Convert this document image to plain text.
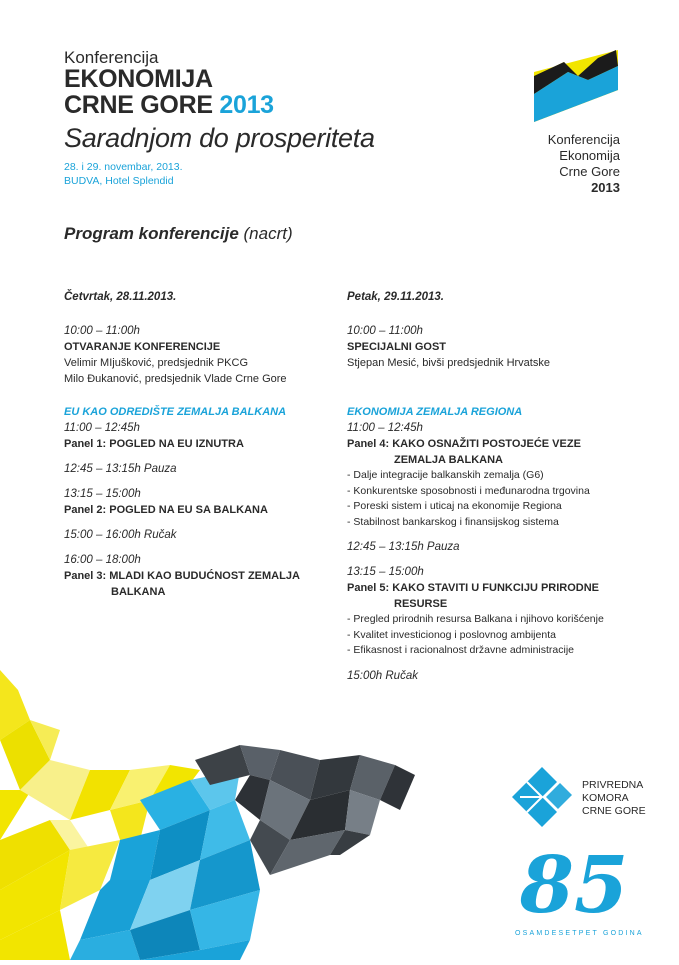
Konferencija
EKONOMIJA
CRNE GORE 2013
Saradnjom do prosperiteta
28. i 29. novembar, 2013.
BUDVA, Hotel Splendid
Konferencija
Ekonomija
Crne Gore
2013
Program konferencije (nacrt)
Četvrtak, 28.11.2013.
10:00 – 11:00h
OTVARANJE KONFERENCIJE
Velimir MIjušković, predsjednik PKCG
Milo Đukanović, predsjednik Vlade Crne Gore
EU KAO ODREDIŠTE ZEMALJA BALKANA
11:00 – 12:45h
Panel 1: POGLED NA EU IZNUTRA
12:45 – 13:15h Pauza
13:15 – 15:00h
Panel 2: POGLED NA EU SA BALKANA
15:00 – 16:00h Ručak
16:00 – 18:00h
Panel 3: MLADI KAO BUDUĆNOST ZEMALJA
BALKANA
Petak, 29.11.2013.
10:00 – 11:00h
SPECIJALNI GOST
Stjepan Mesić, bivši predsjednik Hrvatske
EKONOMIJA ZEMALJA REGIONA
11:00 – 12:45h
Panel 4: KAKO OSNAŽITI POSTOJEĆE VEZE
ZEMALJA BALKANA
- Dalje integracije balkanskih zemalja (G6)
- Konkurentske sposobnosti i međunarodna trgovina
- Poreski sistem i uticaj na ekonomije Regiona
- Stabilnost bankarskog i finansijskog sistema
12:45 – 13:15h Pauza
13:15 – 15:00h
Panel 5: KAKO STAVITI U FUNKCIJU PRIRODNE
RESURSE
- Pregled prirodnih resursa Balkana i njihovo korišćenje
- Kvalitet investicionog i poslovnog ambijenta
- Efikasnost i racionalnost državne administracije
15:00h Ručak
PRIVREDNA
KOMORA
CRNE GORE
85
OSAMDESETPET GODINA
